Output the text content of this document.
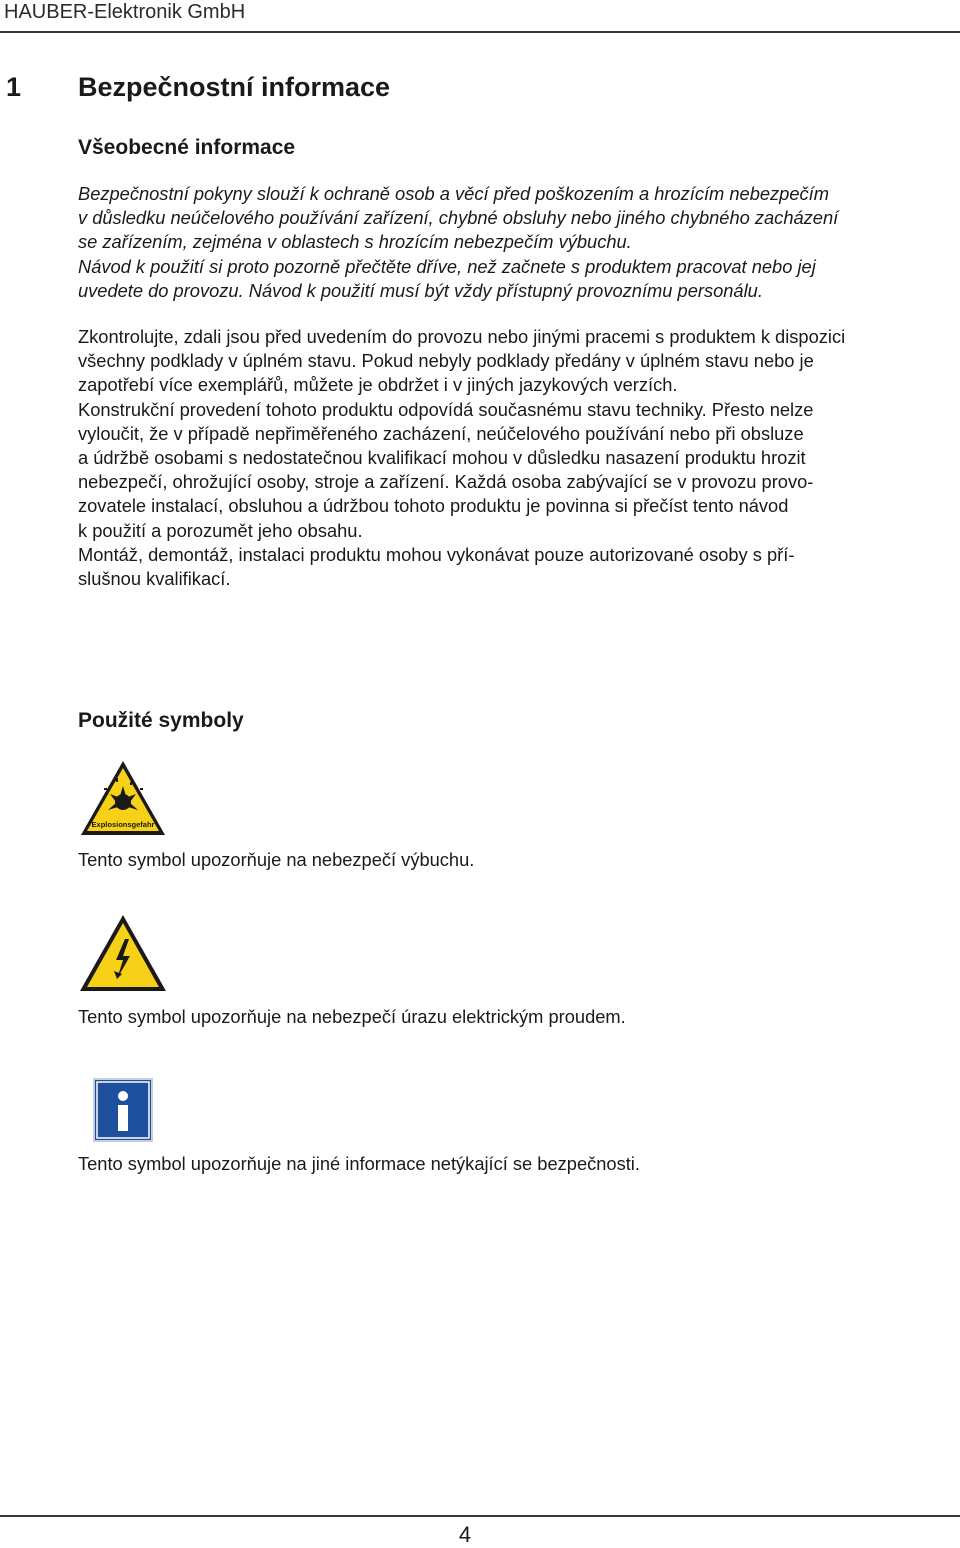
HAUBER-Elektronik GmbH
1 Bezpečnostní informace
Všeobecné informace
Bezpečnostní pokyny slouží k ochraně osob a věcí před poškozením a hrozícím nebezpečím
v důsledku neúčelového používání zařízení, chybné obsluhy nebo jiného chybného zacházení
se zařízením, zejména v oblastech s hrozícím nebezpečím výbuchu.
Návod k použití si proto pozorně přečtěte dříve, než začnete s produktem pracovat nebo jej
uvedete do provozu. Návod k použití musí být vždy přístupný provoznímu personálu.
Zkontrolujte, zdali jsou před uvedením do provozu nebo jinými pracemi s produktem k dispozici
všechny podklady v úplném stavu. Pokud nebyly podklady předány v úplném stavu nebo je
zapotřebí více exemplářů, můžete je obdržet i v jiných jazykových verzích.
Konstrukční provedení tohoto produktu odpovídá současnému stavu techniky. Přesto nelze
vyloučit, že v případě nepřiměřeného zacházení, neúčelového používání nebo při obsluze
a údržbě osobami s nedostatečnou kvalifikací mohou v důsledku nasazení produktu hrozit
nebezpečí, ohrožující osoby, stroje a zařízení. Každá osoba zabývající se v provozu provo-
zovatele instalací, obsluhou a údržbou tohoto produktu je povinna si přečíst tento návod
k použití a porozumět jeho obsahu.
Montáž, demontáž, instalaci produktu mohou vykonávat pouze autorizované osoby s pří-
slušnou kvalifikací.
Použité symboly
Explosionsgefahr
Tento symbol upozorňuje na nebezpečí výbuchu.
Tento symbol upozorňuje na nebezpečí úrazu elektrickým proudem.
Tento symbol upozorňuje na jiné informace netýkající se bezpečnosti.
4
